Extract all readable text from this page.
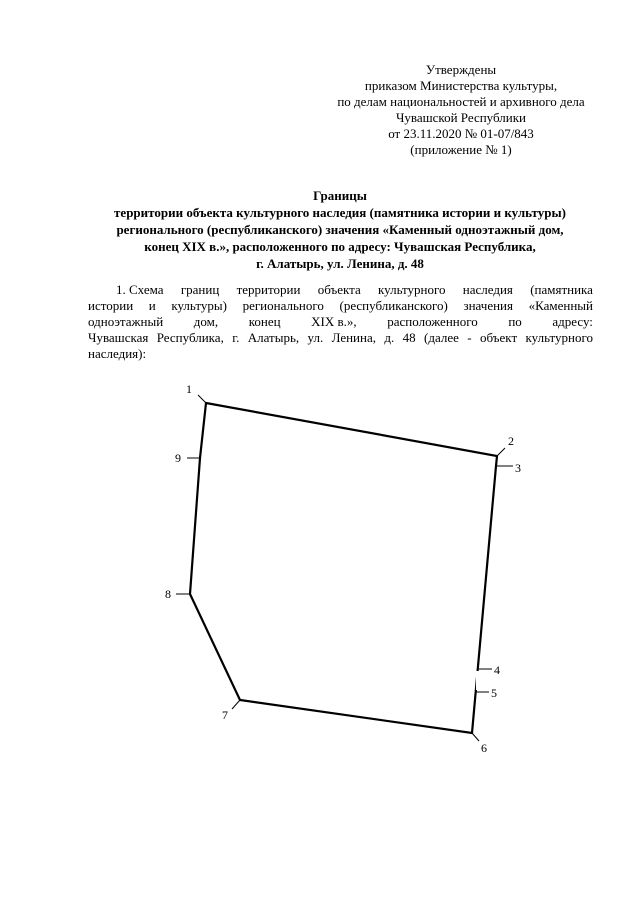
Утверждены
приказом Министерства культуры,
по делам национальностей и архивного дела
Чувашской Республики
от 23.11.2020 № 01-07/843
(приложение № 1)
Границы
территории объекта культурного наследия (памятника истории и культуры)
регионального (республиканского) значения «Каменный одноэтажный дом,
конец XIX в.», расположенного по адресу: Чувашская Республика,
г. Алатырь, ул. Ленина, д. 48
1. Схема границ территории объекта культурного наследия (памятника
истории и культуры) регионального (республиканского) значения «Каменный
одноэтажный дом, конец XIX в.», расположенного по адресу:
Чувашская Республика, г. Алатырь, ул. Ленина, д. 48 (далее - объект культурного
наследия):
1
2
3
4
5
6
7
8
9
